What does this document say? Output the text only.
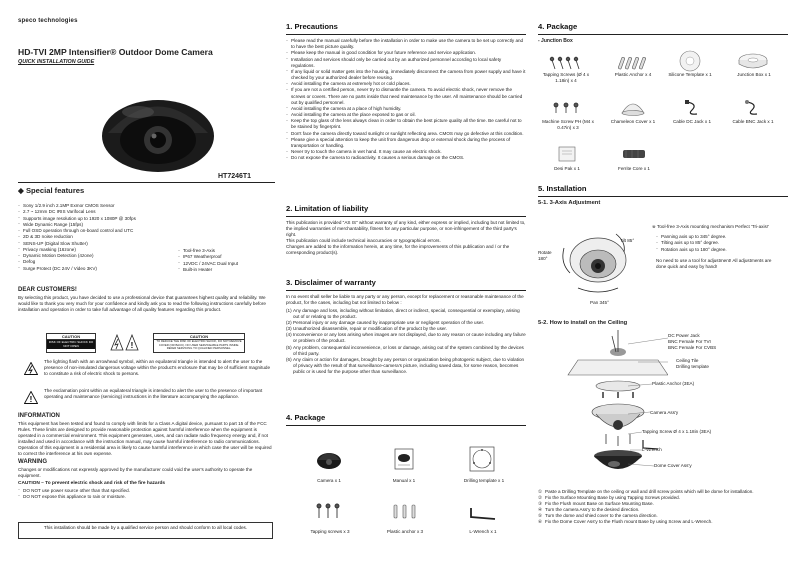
speco technologies
HD-TVI 2MP Intensifier® Outdoor Dome Camera
QUICK INSTALLATION GUIDE
HT7246T1
◆ Special features
· Sony 1/2.9 inch 2.1MP Exmor CMOS Sensor
· 2.7 ~ 12mm DC IRIS Varifocal Lens
· Supports image resolution up to 1920 x 1080P @ 30fps
· Wide Dynamic Range (15fps)
· Full OSD operation through on-board control and UTC
· 2D & 3D noise reduction
· SENS-UP (Digital Slow Shutter)
· Privacy masking (16zone)
· Dynamic Motion Detection (4zone)
· Defog
· Surge Protect (DC 24V / Video 3KV)
· Tool-free 3-Axis
· IP67 Weatherproof
· 12VDC / 24VAC Dual Input
· Built-in Heater
DEAR CUSTOMERS!

By selecting this product, you have decided to use a professional device that guarantees highest quality and reliability. We would like to thank you very much for your confidence and kindly ask you to read the following instructions carefully before installation and operation in order to take full advantage of all quality features regarding this product.

CAUTION
RISK OF ELECTRIC SHOCK DO NOT OPEN
CAUTION
TO REDUCE THE RISK OF ELECTRIC SHOCK, DO NOT REMOVE COVER (OR BACK). NO USER SERVICEABLE PARTS INSIDE. REFER SERVICING TO QUALIFIED PERSONNEL.
!

The lighting flash with an arrowhead symbol, within an equilateral triangle is intended to alert the user to the presence of non-insulated dangerous voltage within the product's enclosure that may be of sufficient magnitude to constitute a risk of electric shock to persons.

!

The exclamation point within an equilateral triangle is intended to alert the user to the presence of important operating and maintenance (servicing) instructions in the literature accompanying the appliance.

INFORMATION

This equipment has been tested and found to comply with limits for a Class A digital device, pursuant to part 15 of the FCC Rules. These limits are designed to provide reasonable protection against harmful interference when the equipment is operated in a commercial environment. This equipment generates, uses, and can radiate radio frequency energy and, if not installed and used in accordance with the instruction manual, may cause harmful interference to radio communications.

Operation of this equipment in a residential area is likely to cause harmful interference in which case the user will be required to correct the interference at his own expense.

WARNING

Changes or modifications not expressly approved by the manufacturer could void the user's authority to operate the equipment.

CAUTION – To prevent electric shock and risk of the fire hazards
· DO NOT use power source other than that specified.
· DO NOT expose this appliance to rain or moisture.
This installation should be made by a qualified service person and should conform to all local codes.
1. Precautions
· Please read the manual carefully before the installation in order to make use the camera to be set up correctly and to have the best picture quality.
· Please keep the manual in good condition for your future reference and service application.
· Installation and services should only be carried out by an authorized personnel according to local safety regulations.
· If any liquid or solid matter gets into the housing, immediately disconnect the camera from power supply and have it checked by your authorized dealer before reusing.
· Avoid installing the camera at extremely hot or cold places.
· If you are not a certified person, never try to dismantle the camera. To avoid electric shock, never remove the screws or covers. There are no parts inside that need maintenance by the user. All maintenance should be carried out by qualified personnel.
· Avoid installing the camera at a place of high humidity.
· Avoid installing the camera at the place exposed to gas or oil.
· Keep the top glass of the lens always clean in order to obtain the best picture quality all the time. Be careful not to be stained by fingerprint.
· Don't face the camera directly toward sunlight or sunlight reflecting area. CMOS may go defective at this condition.
· Please give a special attention to keep the unit from dangerous drop or external shock during the process of transportation or handling.
· Never try to touch the camera in wet hand. It may cause an electric shock.
· Do not expose the camera to radioactivity. It causes a serious damage on the CMOS.
2. Limitation of liability

This publication is provided "AS IS" without warranty of any kind, either express or implied, including but not limited to, the implied warranties of merchantability, fitness for any particular purpose, or non-infringement of the third party's right.

This publication could include technical inaccuracies or typographical errors.

Changes are added to the information herein, at any time, for the improvements of this publication and / or the corresponding product(s).

3. Disclaimer of warranty

In no event shall seller be liable to any party or any person, except for replacement or reasonable maintenance of the product, for the cases, including but not limited to below :

(1) Any damage and loss, including without limitation, direct or indirect, special, consequential or exemplary, arising out of or relating to the product.
(2) Personal injury or any damage caused by inappropriate use or negligent operation of the user.
(3) Unauthorized disassemble, repair or modification of the product by the user.
(4) Inconvenience or any loss arising when images are not displayed, due to any reason or cause including any failure or problem of the product.
(5) Any problem, consequential inconvenience, or loss or damage, arising out of the system combined by the devices of third party.
(6) Any claim or action for damages, brought by any person or organization being photogenic subject, due to violation of privacy with the result of that surveillance-camera's picture, including saved data, for some reason, becomes public or is used for the purpose other than surveillance.
4. Package
Camera x 1	Manual x 1	Drilling template x 1
Tapping screws x 3	Plastic anchor x 3	L-Wrench x 1
4. Package
- Junction Box
Tapping Screws (Ø 4 x 1.18in) x 4
Plastic Anchor x 4	Silicone Template x 1	Junction Box x 1
Machine Screw PH (M4 x 0.47in) x 3
Chameleon Cover x 1	Cable DC Jack x 1	Cable BNC Jack x 1
Desi Pak x 1	Ferrite Core x 1
5. Installation
5-1. 3-Axis Adjustment
Tilt 85°
Rotate 180°
Pan 345°

※ Tool-free 3-Axis mounting mechanism Perfect 'Tri-axis!'

· Panning axis up to 345° degree.
· Tilting axis up to 85° degree.
· Rotation axis up to 180° degree.

No need to use a tool for adjustment! All adjustments are done quick and easy by hand!

5-2. How to install on the Ceiling
DC Power Jack
BNC Female For TVI
BNC Female For CVBS
Ceiling Tile
Drilling template
Plastic Anchor (3EA)
Camera Ass'y
Tapping Screw Ø 4 x 1.18in (3EA)
L-Wrench
Dome Cover Ass'y
① Paste a Drilling Template on the ceiling or wall and drill screw points which will be dome for installation.
② Fix the Surface Mounting Base by using Tapping Screws provided.
③ Fix the Flush mount Base on Surface Mounting Base.
④ Turn the camera Ass'y to the desired direction.
⑤ Turn the dome and shied cover to the camera direction.
⑥ Fix the Dome Cover Ass'y to the Flush mount Base by using Screw and L-Wrench.
